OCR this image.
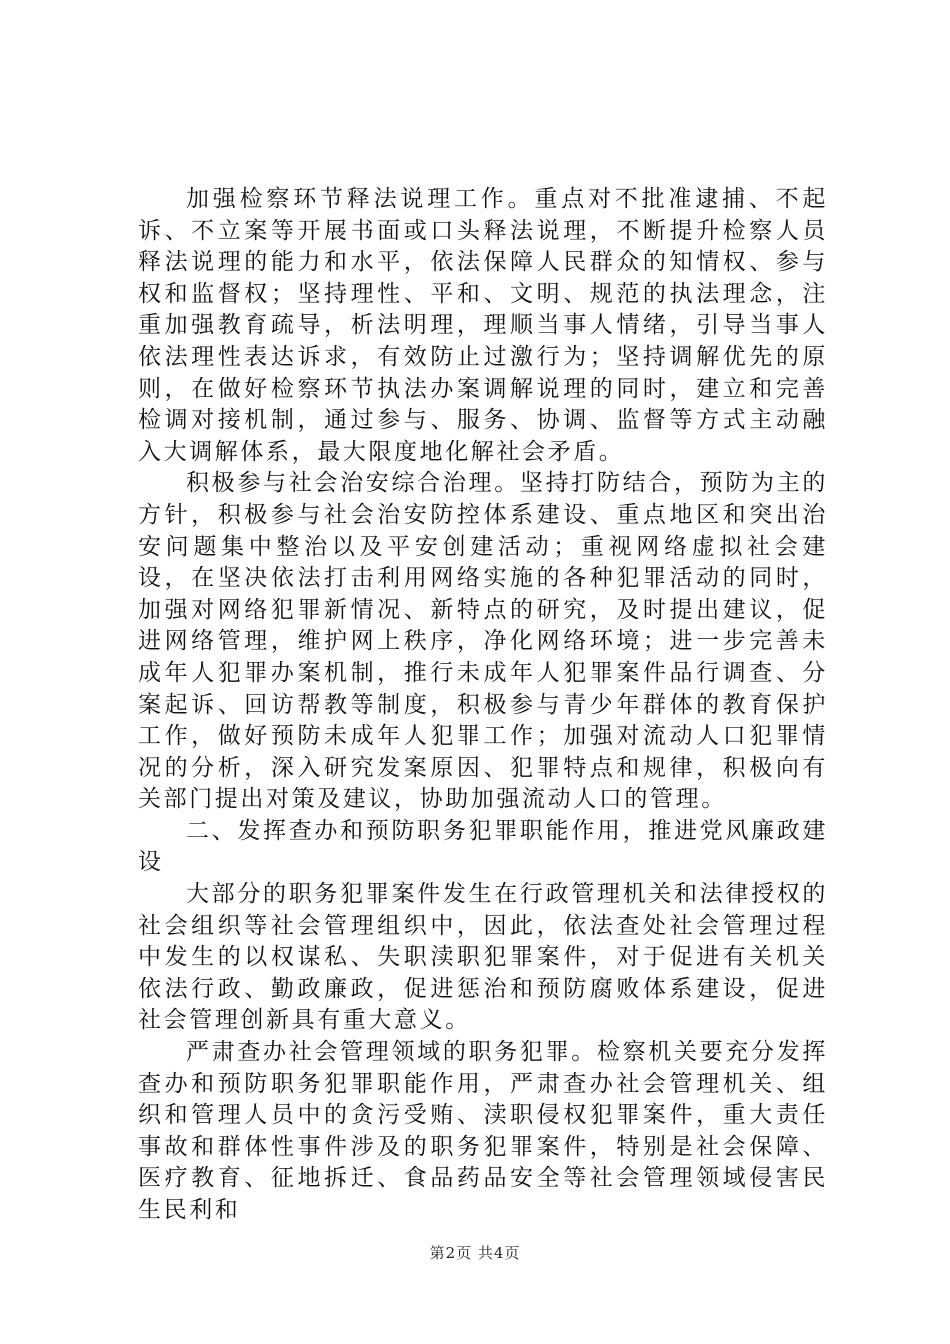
加强检察环节释法说理工作。重点对不批准逮捕、不起诉、不立案等开展书面或口头释法说理，不断提升检察人员释法说理的能力和水平，依法保障人民群众的知情权、参与权和监督权；坚持理性、平和、文明、规范的执法理念，注重加强教育疏导，析法明理，理顺当事人情绪，引导当事人依法理性表达诉求，有效防止过激行为；坚持调解优先的原则，在做好检察环节执法办案调解说理的同时，建立和完善检调对接机制，通过参与、服务、协调、监督等方式主动融入大调解体系，最大限度地化解社会矛盾。

积极参与社会治安综合治理。坚持打防结合，预防为主的方针，积极参与社会治安防控体系建设、重点地区和突出治安问题集中整治以及平安创建活动；重视网络虚拟社会建设，在坚决依法打击利用网络实施的各种犯罪活动的同时，加强对网络犯罪新情况、新特点的研究，及时提出建议，促进网络管理，维护网上秩序，净化网络环境；进一步完善未成年人犯罪办案机制，推行未成年人犯罪案件品行调查、分案起诉、回访帮教等制度，积极参与青少年群体的教育保护工作，做好预防未成年人犯罪工作；加强对流动人口犯罪情况的分析，深入研究发案原因、犯罪特点和规律，积极向有关部门提出对策及建议，协助加强流动人口的管理。

二、发挥查办和预防职务犯罪职能作用，推进党风廉政建设

大部分的职务犯罪案件发生在行政管理机关和法律授权的社会组织等社会管理组织中，因此，依法查处社会管理过程中发生的以权谋私、失职渎职犯罪案件，对于促进有关机关依法行政、勤政廉政，促进惩治和预防腐败体系建设，促进社会管理创新具有重大意义。

严肃查办社会管理领域的职务犯罪。检察机关要充分发挥查办和预防职务犯罪职能作用，严肃查办社会管理机关、组织和管理人员中的贪污受贿、渎职侵权犯罪案件，重大责任事故和群体性事件涉及的职务犯罪案件，特别是社会保障、医疗教育、征地拆迁、食品药品安全等社会管理领域侵害民生民利和

第2页 共4页
